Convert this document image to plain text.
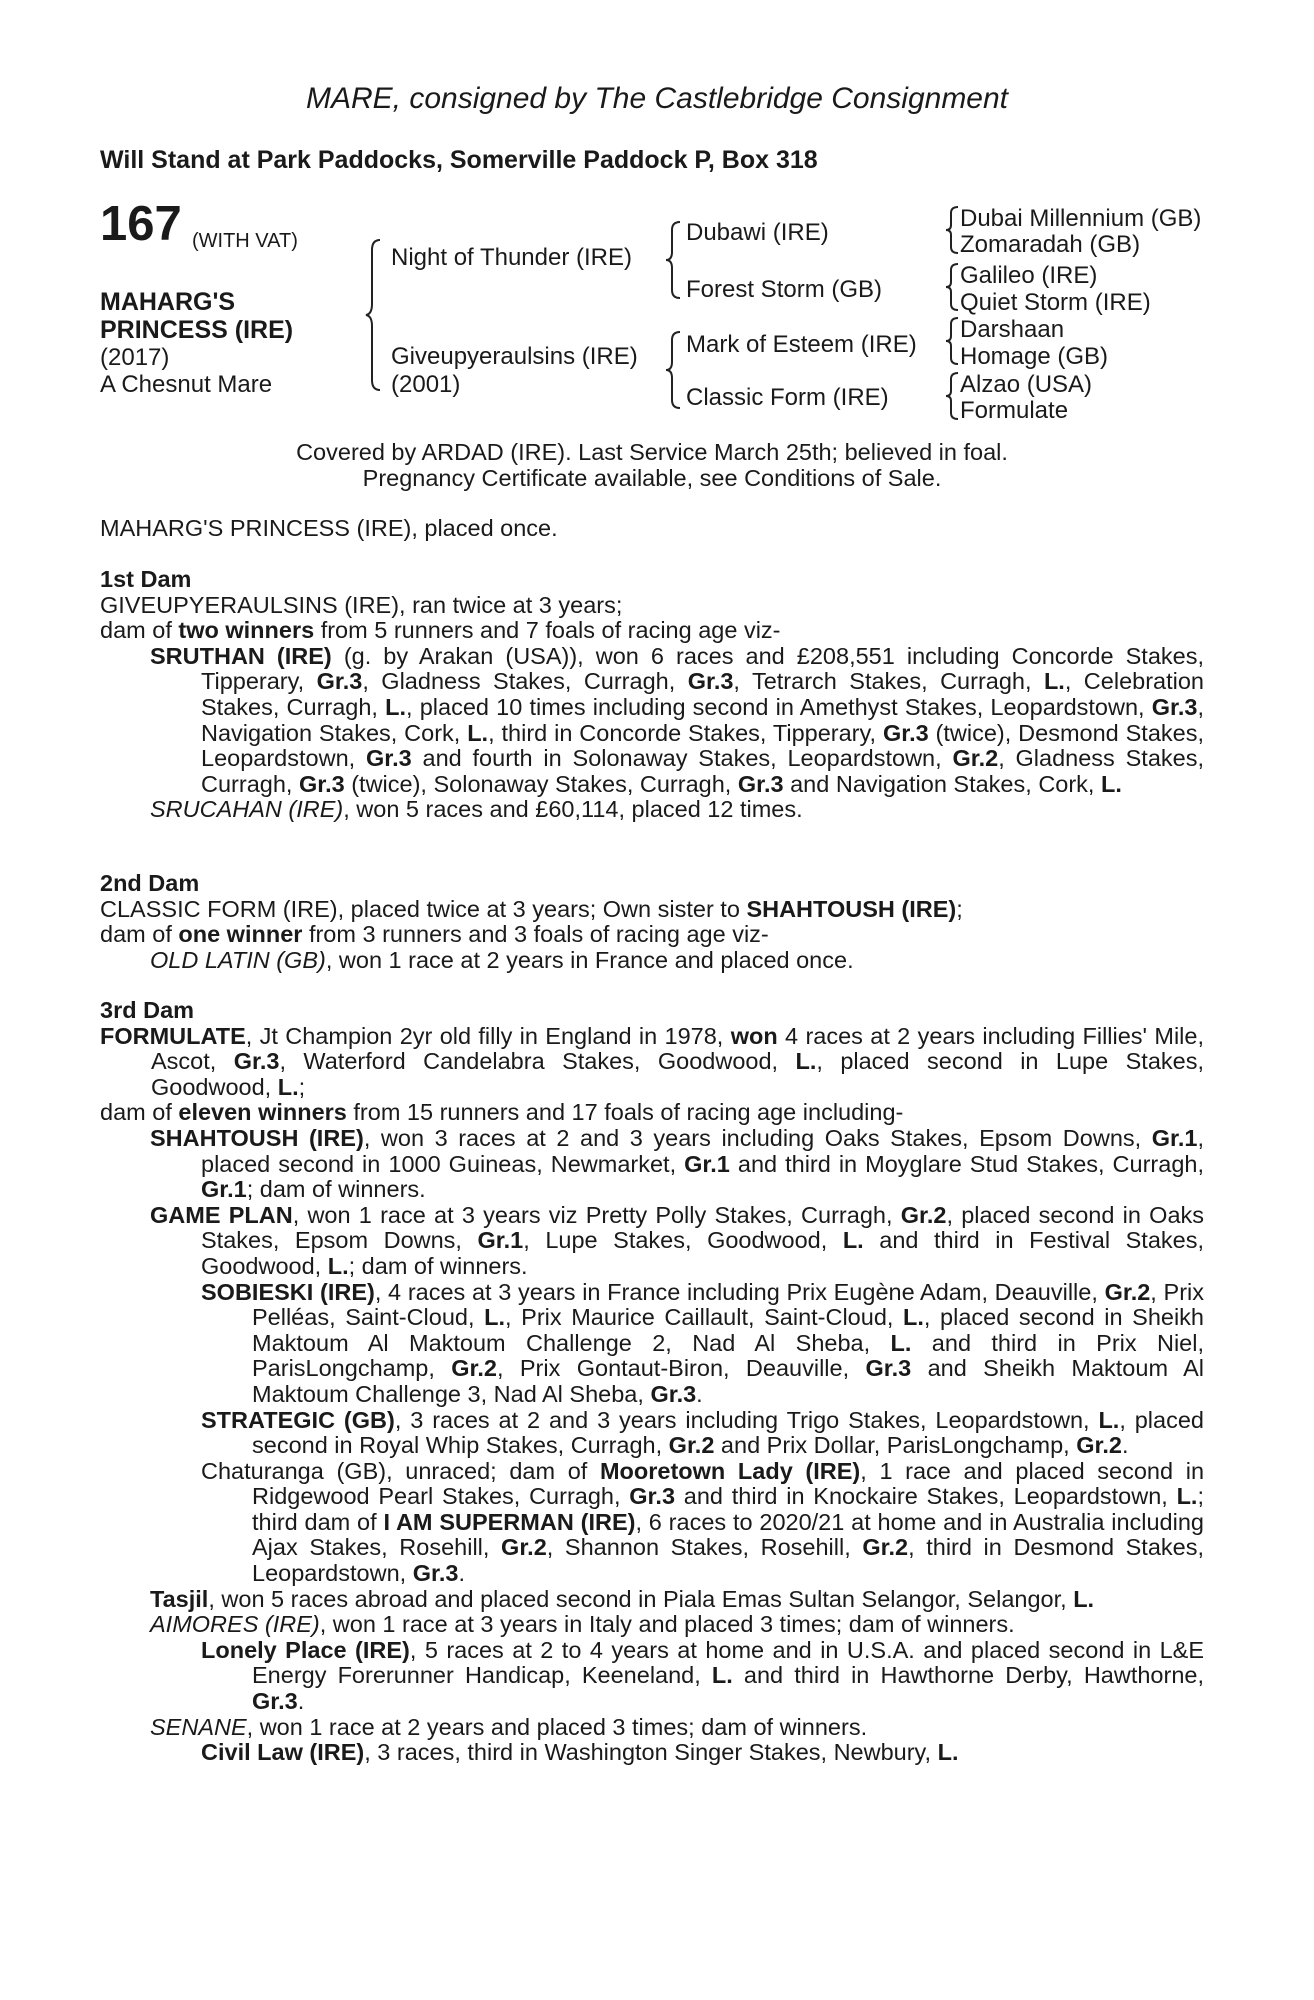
MARE, consigned by The Castlebridge Consignment
Will Stand at Park Paddocks, Somerville Paddock P, Box 318
167 (WITH VAT)
MAHARG'S PRINCESS (IRE)
(2017)
A Chesnut Mare
Night of Thunder (IRE)
Giveupyeraulsins (IRE)
(2001)
Dubawi (IRE)
Forest Storm (GB)
Mark of Esteem (IRE)
Classic Form (IRE)
Dubai Millennium (GB)
Zomaradah (GB)
Galileo (IRE)
Quiet Storm (IRE)
Darshaan
Homage (GB)
Alzao (USA)
Formulate
Covered by ARDAD (IRE). Last Service March 25th; believed in foal.
Pregnancy Certificate available, see Conditions of Sale.
MAHARG'S PRINCESS (IRE), placed once.
1st Dam
GIVEUPYERAULSINS (IRE), ran twice at 3 years;
dam of two winners from 5 runners and 7 foals of racing age viz-
SRUTHAN (IRE) (g. by Arakan (USA)), won 6 races and £208,551 including Concorde Stakes, Tipperary, Gr.3, Gladness Stakes, Curragh, Gr.3, Tetrarch Stakes, Curragh, L., Celebration Stakes, Curragh, L., placed 10 times including second in Amethyst Stakes, Leopardstown, Gr.3, Navigation Stakes, Cork, L., third in Concorde Stakes, Tipperary, Gr.3 (twice), Desmond Stakes, Leopardstown, Gr.3 and fourth in Solonaway Stakes, Leopardstown, Gr.2, Gladness Stakes, Curragh, Gr.3 (twice), Solonaway Stakes, Curragh, Gr.3 and Navigation Stakes, Cork, L.
SRUCAHAN (IRE), won 5 races and £60,114, placed 12 times.
2nd Dam
CLASSIC FORM (IRE), placed twice at 3 years; Own sister to SHAHTOUSH (IRE);
dam of one winner from 3 runners and 3 foals of racing age viz-
OLD LATIN (GB), won 1 race at 2 years in France and placed once.
3rd Dam
FORMULATE, Jt Champion 2yr old filly in England in 1978, won 4 races at 2 years including Fillies' Mile, Ascot, Gr.3, Waterford Candelabra Stakes, Goodwood, L., placed second in Lupe Stakes, Goodwood, L.;
dam of eleven winners from 15 runners and 17 foals of racing age including-
SHAHTOUSH (IRE), won 3 races at 2 and 3 years including Oaks Stakes, Epsom Downs, Gr.1, placed second in 1000 Guineas, Newmarket, Gr.1 and third in Moyglare Stud Stakes, Curragh, Gr.1; dam of winners.
GAME PLAN, won 1 race at 3 years viz Pretty Polly Stakes, Curragh, Gr.2, placed second in Oaks Stakes, Epsom Downs, Gr.1, Lupe Stakes, Goodwood, L. and third in Festival Stakes, Goodwood, L.; dam of winners.
SOBIESKI (IRE), 4 races at 3 years in France including Prix Eugène Adam, Deauville, Gr.2, Prix Pelléas, Saint-Cloud, L., Prix Maurice Caillault, Saint-Cloud, L., placed second in Sheikh Maktoum Al Maktoum Challenge 2, Nad Al Sheba, L. and third in Prix Niel, ParisLongchamp, Gr.2, Prix Gontaut-Biron, Deauville, Gr.3 and Sheikh Maktoum Al Maktoum Challenge 3, Nad Al Sheba, Gr.3.
STRATEGIC (GB), 3 races at 2 and 3 years including Trigo Stakes, Leopardstown, L., placed second in Royal Whip Stakes, Curragh, Gr.2 and Prix Dollar, ParisLongchamp, Gr.2.
Chaturanga (GB), unraced; dam of Mooretown Lady (IRE), 1 race and placed second in Ridgewood Pearl Stakes, Curragh, Gr.3 and third in Knockaire Stakes, Leopardstown, L.; third dam of I AM SUPERMAN (IRE), 6 races to 2020/21 at home and in Australia including Ajax Stakes, Rosehill, Gr.2, Shannon Stakes, Rosehill, Gr.2, third in Desmond Stakes, Leopardstown, Gr.3.
Tasjil, won 5 races abroad and placed second in Piala Emas Sultan Selangor, Selangor, L.
AIMORES (IRE), won 1 race at 3 years in Italy and placed 3 times; dam of winners.
Lonely Place (IRE), 5 races at 2 to 4 years at home and in U.S.A. and placed second in L&E Energy Forerunner Handicap, Keeneland, L. and third in Hawthorne Derby, Hawthorne, Gr.3.
SENANE, won 1 race at 2 years and placed 3 times; dam of winners.
Civil Law (IRE), 3 races, third in Washington Singer Stakes, Newbury, L.
